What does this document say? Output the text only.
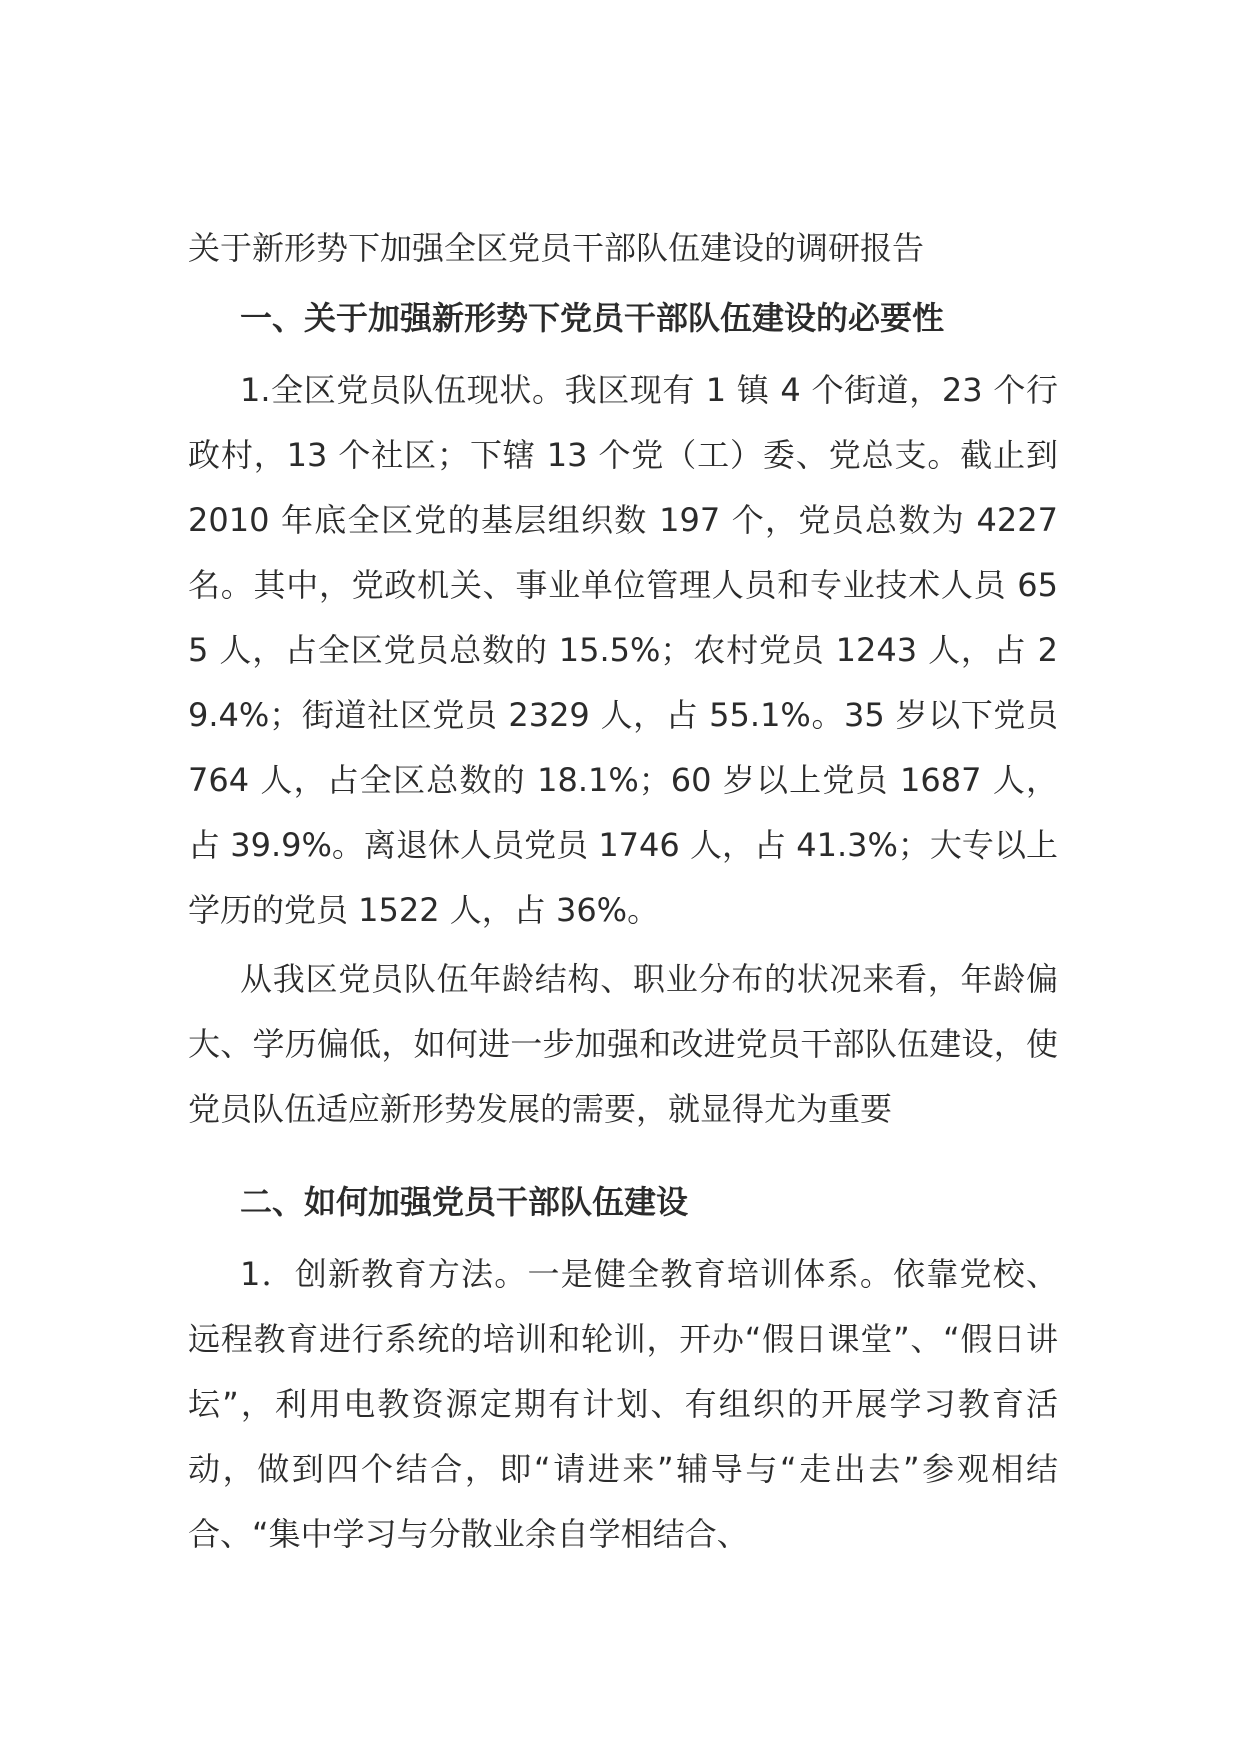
关于新形势下加强全区党员干部队伍建设的调研报告
一、关于加强新形势下党员干部队伍建设的必要性

1.全区党员队伍现状。我区现有 1 镇 4 个街道，23 个行政村，13 个社区；下辖 13 个党（工）委、党总支。截止到 2010 年底全区党的基层组织数 197 个，党员总数为 4227 名。其中，党政机关、事业单位管理人员和专业技术人员 655 人，占全区党员总数的 15.5%；农村党员 1243 人，占 29.4%；街道社区党员 2329 人，占 55.1%。35 岁以下党员 764 人，占全区总数的 18.1%；60 岁以上党员 1687 人，占 39.9%。离退休人员党员 1746 人，占 41.3%；大专以上学历的党员 1522 人，占 36%。

从我区党员队伍年龄结构、职业分布的状况来看，年龄偏大、学历偏低，如何进一步加强和改进党员干部队伍建设，使党员队伍适应新形势发展的需要，就显得尤为重要

二、如何加强党员干部队伍建设

1．创新教育方法。一是健全教育培训体系。依靠党校、远程教育进行系统的培训和轮训，开办“假日课堂”、“假日讲坛”，利用电教资源定期有计划、有组织的开展学习教育活动，做到四个结合，即“请进来”辅导与“走出去”参观相结合、“集中学习与分散业余自学相结合、
